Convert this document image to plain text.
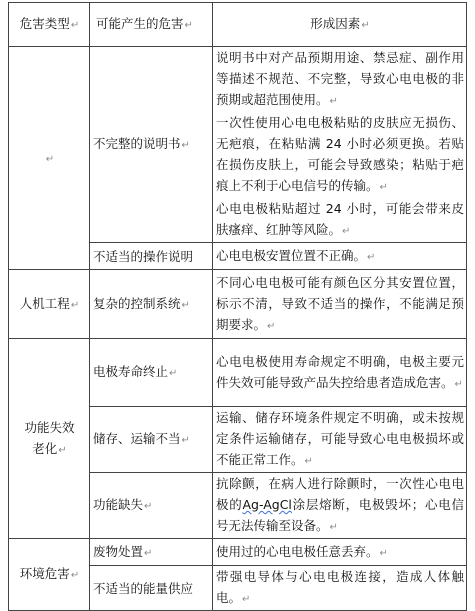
危害类型↵	可能产生的危害↵	形成因素↵
↵	不完整的说明书↵	说明书中对产品预期用途、禁忌症、副作用等描述不规范、不完整，导致心电电极的非预期或超范围使用。↵
一次性使用心电电极粘贴的皮肤应无损伤、无疤痕，在粘贴满 24 小时必须更换。若贴在损伤皮肤上，可能会导致感染；粘贴于疤痕上不利于心电信号的传输。↵
心电电极粘贴超过 24 小时，可能会带来皮肤瘙痒、红肿等风险。↵

	不适当的操作说明	心电电极安置位置不正确。↵
人机工程↵	复杂的控制系统↵	不同心电电极可能有颜色区分其安置位置，标示不清，导致不适当的操作，不能满足预期要求。↵
功能失效
老化↵	电极寿命终止↵	心电电极使用寿命规定不明确，电极主要元件失效可能导致产品失控给患者造成危害。↵
	储存、运输不当↵	运输、储存环境条件规定不明确，或未按规定条件运输储存，可能导致心电电极损坏或不能正常工作。↵
	功能缺失↵	抗除颤，在病人进行除颤时，一次性心电电极的Ag-AgCl涂层熔断，电极毁坏；心电信号无法传输至设备。↵
环境危害↵	废物处置↵	使用过的心电电极任意丢弃。↵
	不适当的能量供应	带强电导体与心电电极连接，造成人体触电。↵
